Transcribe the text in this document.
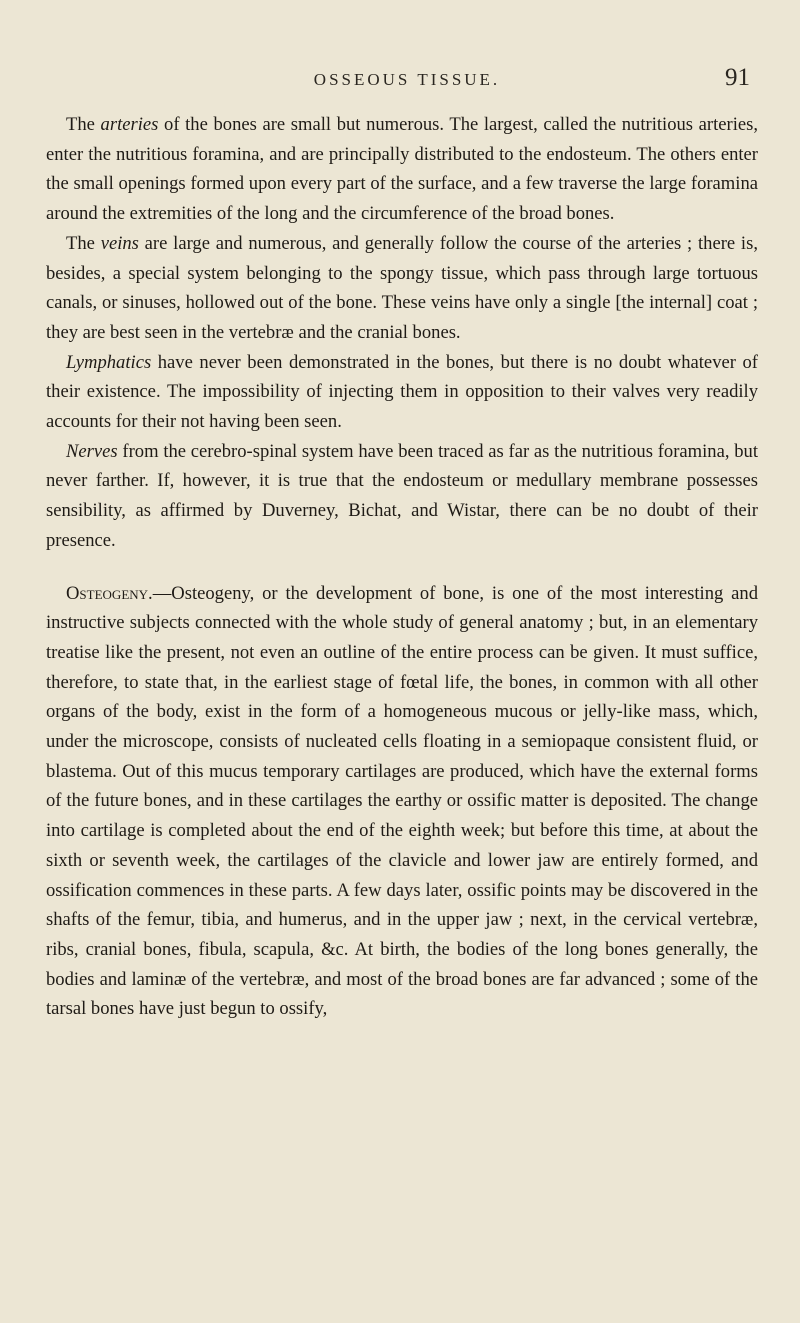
OSSEOUS TISSUE.	91

The arteries of the bones are small but numerous. The largest, called the nutritious arteries, enter the nutritious foramina, and are principally distributed to the endosteum. The others enter the small openings formed upon every part of the surface, and a few traverse the large foramina around the extremities of the long and the circumference of the broad bones.

The veins are large and numerous, and generally follow the course of the arteries ; there is, besides, a special system belonging to the spongy tissue, which pass through large tortuous canals, or sinuses, hollowed out of the bone. These veins have only a single [the internal] coat ; they are best seen in the vertebræ and the cranial bones.

Lymphatics have never been demonstrated in the bones, but there is no doubt whatever of their existence. The impossibility of injecting them in opposition to their valves very readily accounts for their not having been seen.

Nerves from the cerebro-spinal system have been traced as far as the nutritious foramina, but never farther. If, however, it is true that the endosteum or medullary membrane possesses sensibility, as affirmed by Duverney, Bichat, and Wistar, there can be no doubt of their presence.

Osteogeny.—Osteogeny, or the development of bone, is one of the most interesting and instructive subjects connected with the whole study of general anatomy ; but, in an elementary treatise like the present, not even an outline of the entire process can be given. It must suffice, therefore, to state that, in the earliest stage of fœtal life, the bones, in common with all other organs of the body, exist in the form of a homogeneous mucous or jelly-like mass, which, under the microscope, consists of nucleated cells floating in a semiopaque consistent fluid, or blastema. Out of this mucus temporary cartilages are produced, which have the external forms of the future bones, and in these cartilages the earthy or ossific matter is deposited. The change into cartilage is completed about the end of the eighth week; but before this time, at about the sixth or seventh week, the cartilages of the clavicle and lower jaw are entirely formed, and ossification commences in these parts. A few days later, ossific points may be discovered in the shafts of the femur, tibia, and humerus, and in the upper jaw ; next, in the cervical vertebræ, ribs, cranial bones, fibula, scapula, &c. At birth, the bodies of the long bones generally, the bodies and laminæ of the vertebræ, and most of the broad bones are far advanced ; some of the tarsal bones have just begun to ossify,
